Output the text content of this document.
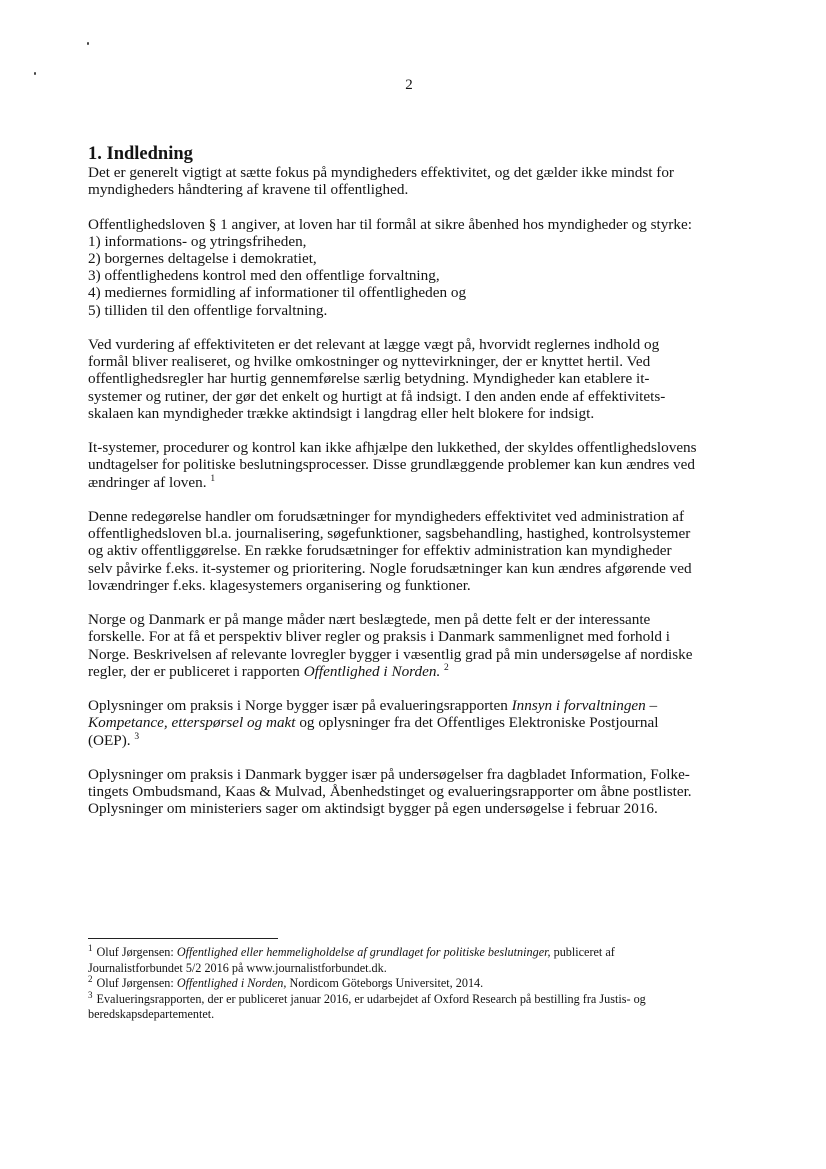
2
1. Indledning
Det er generelt vigtigt at sætte fokus på myndigheders effektivitet, og det gælder ikke mindst for
myndigheders håndtering af kravene til offentlighed.
Offentlighedsloven § 1 angiver, at loven har til formål at sikre åbenhed hos myndigheder og styrke:
1) informations- og ytringsfriheden,
2) borgernes deltagelse i demokratiet,
3) offentlighedens kontrol med den offentlige forvaltning,
4) mediernes formidling af informationer til offentligheden og
5) tilliden til den offentlige forvaltning.
Ved vurdering af effektiviteten er det relevant at lægge vægt på, hvorvidt reglernes indhold og
formål bliver realiseret, og hvilke omkostninger og nyttevirkninger, der er knyttet hertil. Ved
offentlighedsregler har hurtig gennemførelse særlig betydning. Myndigheder kan etablere it-
systemer og rutiner, der gør det enkelt og hurtigt at få indsigt. I den anden ende af effektivitets-
skalaen kan myndigheder trække aktindsigt i langdrag eller helt blokere for indsigt.
It-systemer, procedurer og kontrol kan ikke afhjælpe den lukkethed, der skyldes offentlighedslovens
undtagelser for politiske beslutningsprocesser. Disse grundlæggende problemer kan kun ændres ved
ændringer af loven. $^1$
Denne redegørelse handler om forudsætninger for myndigheders effektivitet ved administration af
offentlighedsloven bl.a. journalisering, søgefunktioner, sagsbehandling, hastighed, kontrolsystemer
og aktiv offentliggørelse. En række forudsætninger for effektiv administration kan myndigheder
selv påvirke f.eks. it-systemer og prioritering. Nogle forudsætninger kan kun ændres afgørende ved
lovændringer f.eks. klagesystemers organisering og funktioner.
Norge og Danmark er på mange måder nært beslægtede, men på dette felt er der interessante
forskelle. For at få et perspektiv bliver regler og praksis i Danmark sammenlignet med forhold i
Norge. Beskrivelsen af relevante lovregler bygger i væsentlig grad på min undersøgelse af nordiske
regler, der er publiceret i rapporten Offentlighed i Norden. $^2$
Oplysninger om praksis i Norge bygger især på evalueringsrapporten Innsyn i forvaltningen –
Kompetance, etterspørsel og makt og oplysninger fra det Offentliges Elektroniske Postjournal
(OEP). $^3$
Oplysninger om praksis i Danmark bygger især på undersøgelser fra dagbladet Information, Folke-
tingets Ombudsmand, Kaas & Mulvad, Åbenhedstinget og evalueringsrapporter om åbne postlister.
Oplysninger om ministeriers sager om aktindsigt bygger på egen undersøgelse i februar 2016.
$^1$ Oluf Jørgensen: Offentlighed eller hemmeligholdelse af grundlaget for politiske beslutninger, publiceret af
Journalistforbundet 5/2 2016 på www.journalistforbundet.dk.
$^2$ Oluf Jørgensen: Offentlighed i Norden, Nordicom Göteborgs Universitet, 2014.
$^3$ Evalueringsrapporten, der er publiceret januar 2016, er udarbejdet af Oxford Research på bestilling fra Justis- og
beredskapsdepartementet.
